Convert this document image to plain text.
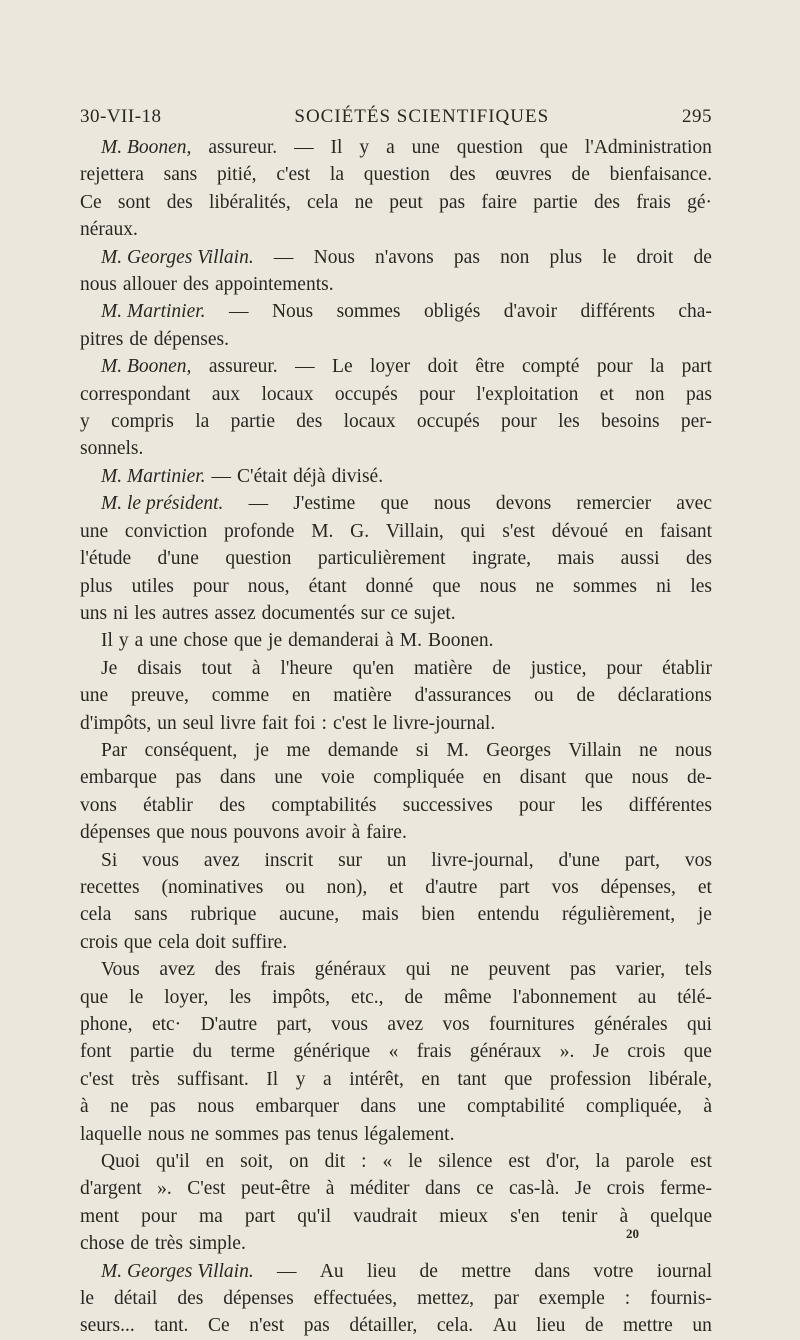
30-VII-18	SOCIÉTÉS SCIENTIFIQUES	295
M. Boonen, assureur. — Il y a une question que l'Administration
rejettera sans pitié, c'est la question des œuvres de bienfaisance.
Ce sont des libéralités, cela ne peut pas faire partie des frais gé·
néraux.
M. Georges Villain. — Nous n'avons pas non plus le droit de
nous allouer des appointements.
M. Martinier. — Nous sommes obligés d'avoir différents cha-
pitres de dépenses.
M. Boonen, assureur. — Le loyer doit être compté pour la part
correspondant aux locaux occupés pour l'exploitation et non pas
y compris la partie des locaux occupés pour les besoins per-
sonnels.
M. Martinier. — C'était déjà divisé.
M. le président. — J'estime que nous devons remercier avec
une conviction profonde M. G. Villain, qui s'est dévoué en faisant
l'étude d'une question particulièrement ingrate, mais aussi des
plus utiles pour nous, étant donné que nous ne sommes ni les
uns ni les autres assez documentés sur ce sujet.
Il y a une chose que je demanderai à M. Boonen.
Je disais tout à l'heure qu'en matière de justice, pour établir
une preuve, comme en matière d'assurances ou de déclarations
d'impôts, un seul livre fait foi : c'est le livre-journal.
Par conséquent, je me demande si M. Georges Villain ne nous
embarque pas dans une voie compliquée en disant que nous de-
vons établir des comptabilités successives pour les différentes
dépenses que nous pouvons avoir à faire.
Si vous avez inscrit sur un livre-journal, d'une part, vos
recettes (nominatives ou non), et d'autre part vos dépenses, et
cela sans rubrique aucune, mais bien entendu régulièrement, je
crois que cela doit suffire.
Vous avez des frais généraux qui ne peuvent pas varier, tels
que le loyer, les impôts, etc., de même l'abonnement au télé-
phone, etc· D'autre part, vous avez vos fournitures générales qui
font partie du terme générique « frais généraux ». Je crois que
c'est très suffisant. Il y a intérêt, en tant que profession libérale,
à ne pas nous embarquer dans une comptabilité compliquée, à
laquelle nous ne sommes pas tenus légalement.
Quoi qu'il en soit, on dit : « le silence est d'or, la parole est
d'argent ». C'est peut-être à méditer dans ce cas-là. Je crois ferme-
ment pour ma part qu'il vaudrait mieux s'en tenir à quelque
chose de très simple.
M. Georges Villain. — Au lieu de mettre dans votre iournal
le détail des dépenses effectuées, mettez, par exemple : fournis-
seurs... tant. Ce n'est pas détailler, cela. Au lieu de mettre un
20
